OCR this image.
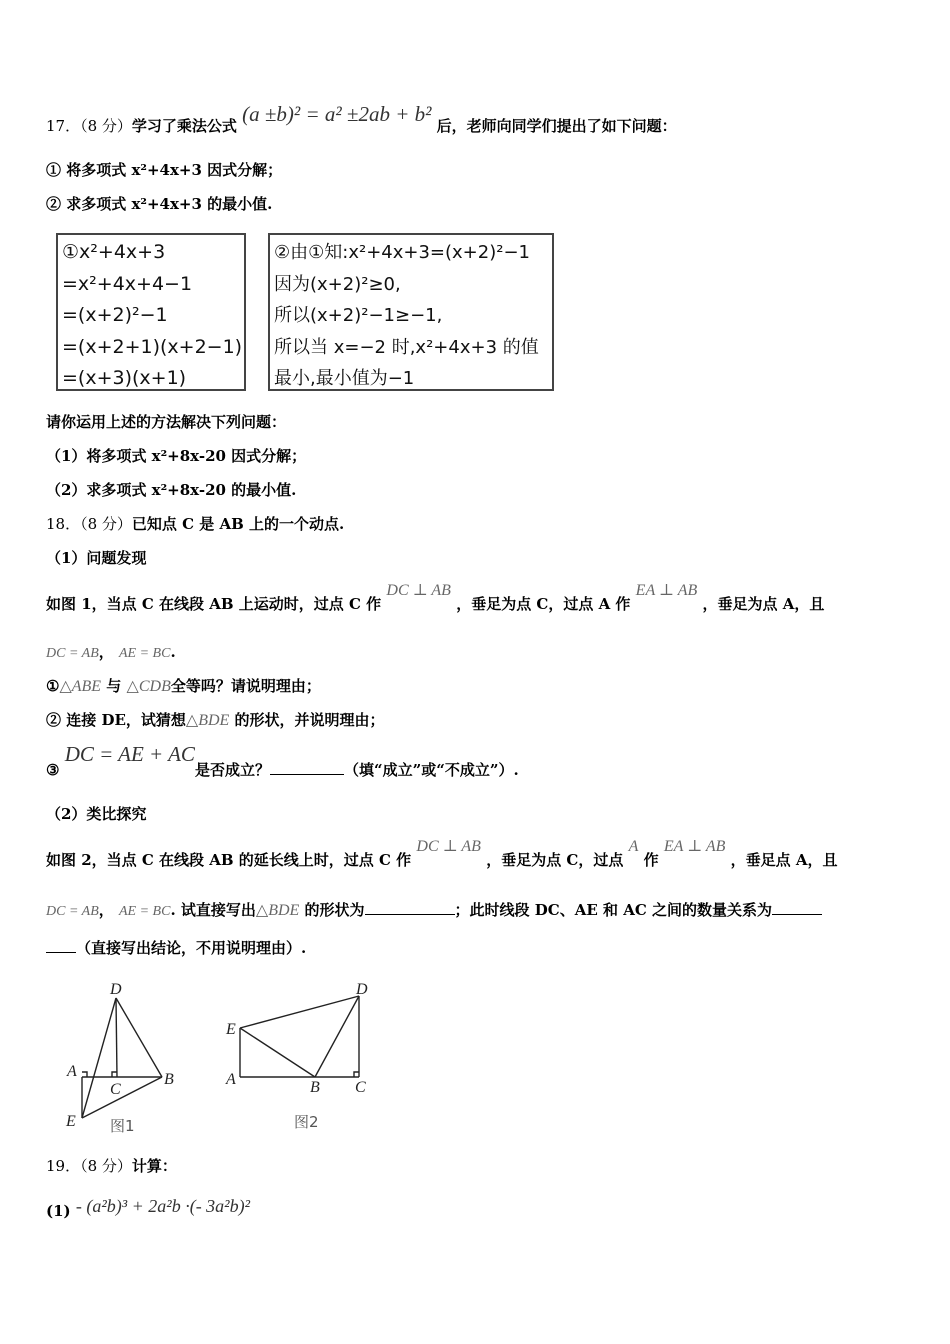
17．（8 分）学习了乘法公式 (a ±b)² = a² ±2ab + b² 后，老师向同学们提出了如下问题：
① 将多项式 x²+4x+3 因式分解；
② 求多项式 x²+4x+3 的最小值.
①x²+4x+3
=x²+4x+4−1
=(x+2)²−1
=(x+2+1)(x+2−1)
=(x+3)(x+1)
②由①知:x²+4x+3=(x+2)²−1
因为(x+2)²≥0,
所以(x+2)²−1≥−1,
所以当 x=−2 时,x²+4x+3 的值
最小,最小值为−1
请你运用上述的方法解决下列问题：
（1）将多项式 x²+8x-20 因式分解；
（2）求多项式 x²+8x-20 的最小值.
18．（8 分）已知点 C 是 AB 上的一个动点.
（1）问题发现
如图 1，当点 C 在线段 AB 上运动时，过点 C 作 DC ⊥ AB ，垂足为点 C，过点 A 作 EA ⊥ AB ，垂足为点 A，且
DC = AB， AE = BC.
①△ABE 与 △CDB全等吗？请说明理由；
② 连接 DE，试猜想△BDE 的形状，并说明理由；
③ DC = AE + AC是否成立？	（填“成立”或“不成立”）.
（2）类比探究
如图 2，当点 C 在线段 AB 的延长线上时，过点 C 作 DC ⊥ AB ，垂足为点 C，过点 A 作 EA ⊥ AB ，垂足点 A，且
DC = AB， AE = BC. 试直接写出△BDE 的形状为	；此时线段 DC、AE 和 AC 之间的数量关系为
（直接写出结论，不用说明理由）.
D
A
C
B
E 图1
D
E
A	B C
图2
19．（8 分）计算：
(1) - (a²b)³ + 2a²b ·(- 3a²b)²
